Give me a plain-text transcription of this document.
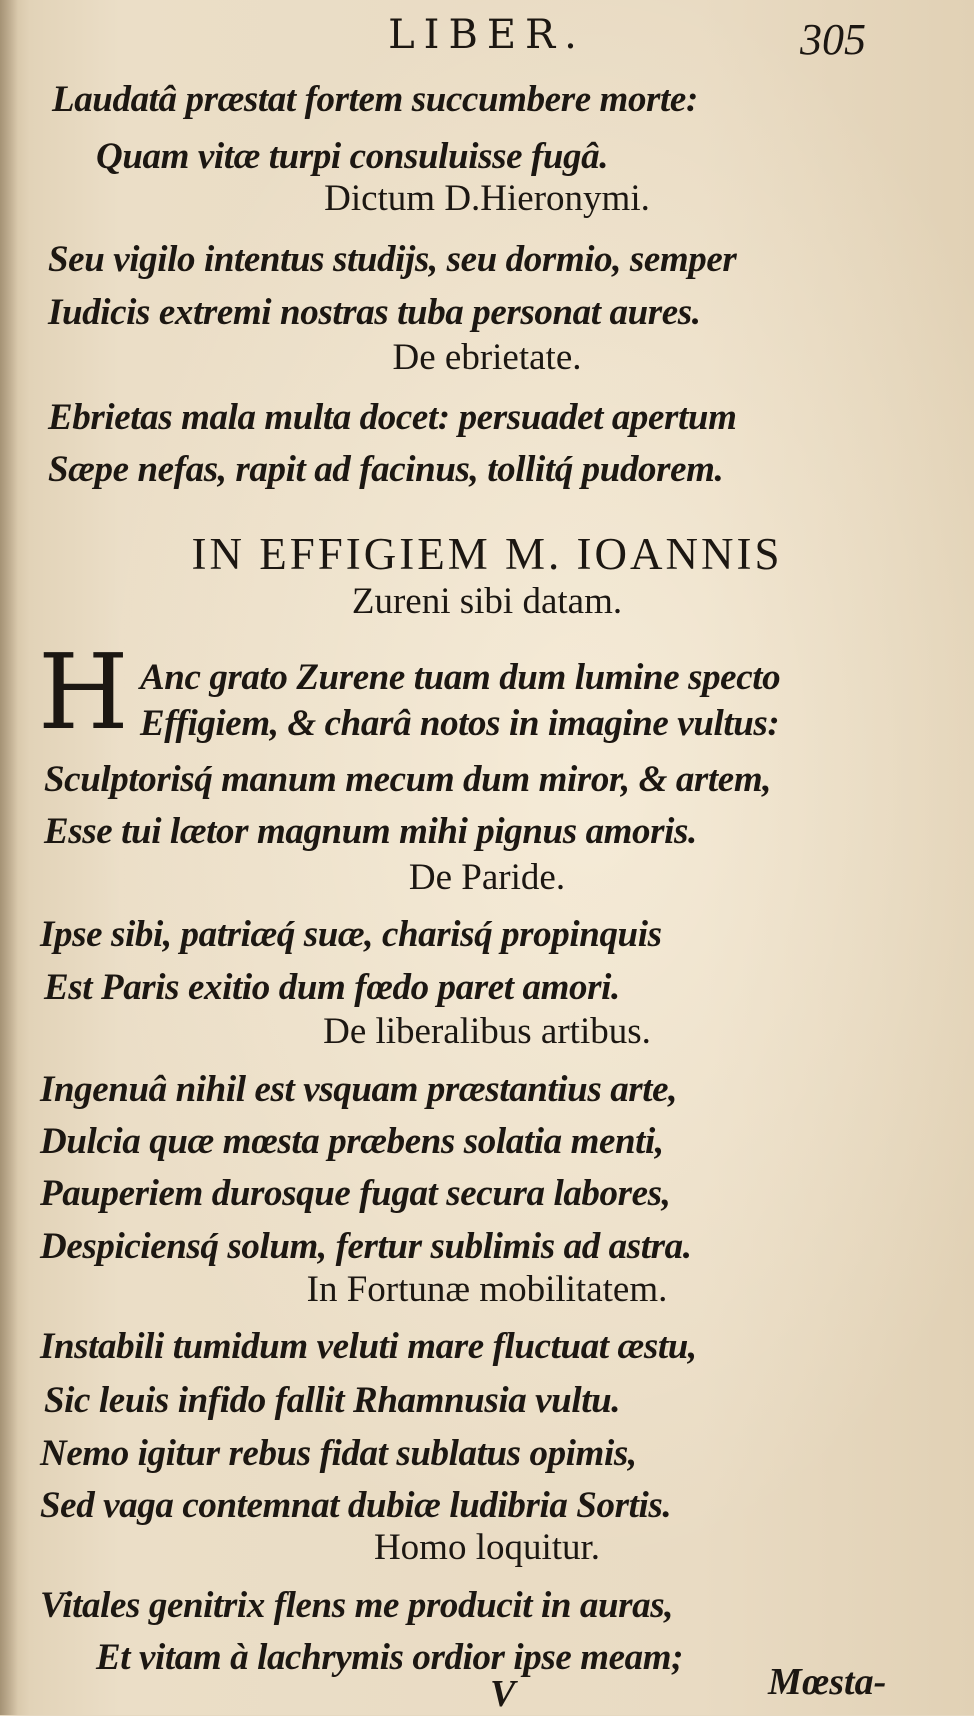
LIBER.	305
Laudatâ præstat fortem succumbere morte:
Quam vitæ turpi consuluisse fugâ.
Dictum D.Hieronymi.
Seu vigilo intentus studijs, seu dormio, semper
Iudicis extremi nostras tuba personat aures.
De ebrietate.
Ebrietas mala multa docet: persuadet apertum
Sæpe nefas, rapit ad facinus, tollitq́ pudorem.
IN EFFIGIEM M. IOANNIS
Zureni sibi datam.
H Anc grato Zurene tuam dum lumine specto
Effigiem, & charâ notos in imagine vultus:
Sculptorisq́ manum mecum dum miror, & artem,
Esse tui lætor magnum mihi pignus amoris.
De Paride.
Ipse sibi, patriæq́ suæ, charisq́ propinquis
Est Paris exitio dum fœdo paret amori.
De liberalibus artibus.
Ingenuâ nihil est vsquam præstantius arte,
Dulcia quæ mœsta præbens solatia menti,
Pauperiem durosque fugat secura labores,
Despiciensq́ solum, fertur sublimis ad astra.
In Fortunæ mobilitatem.
Instabili tumidum veluti mare fluctuat æstu,
Sic leuis infido fallit Rhamnusia vultu.
Nemo igitur rebus fidat sublatus opimis,
Sed vaga contemnat dubiæ ludibria Sortis.
Homo loquitur.
Vitales genitrix flens me producit in auras,
Et vitam à lachrymis ordior ipse meam;
V	Mœsta-
